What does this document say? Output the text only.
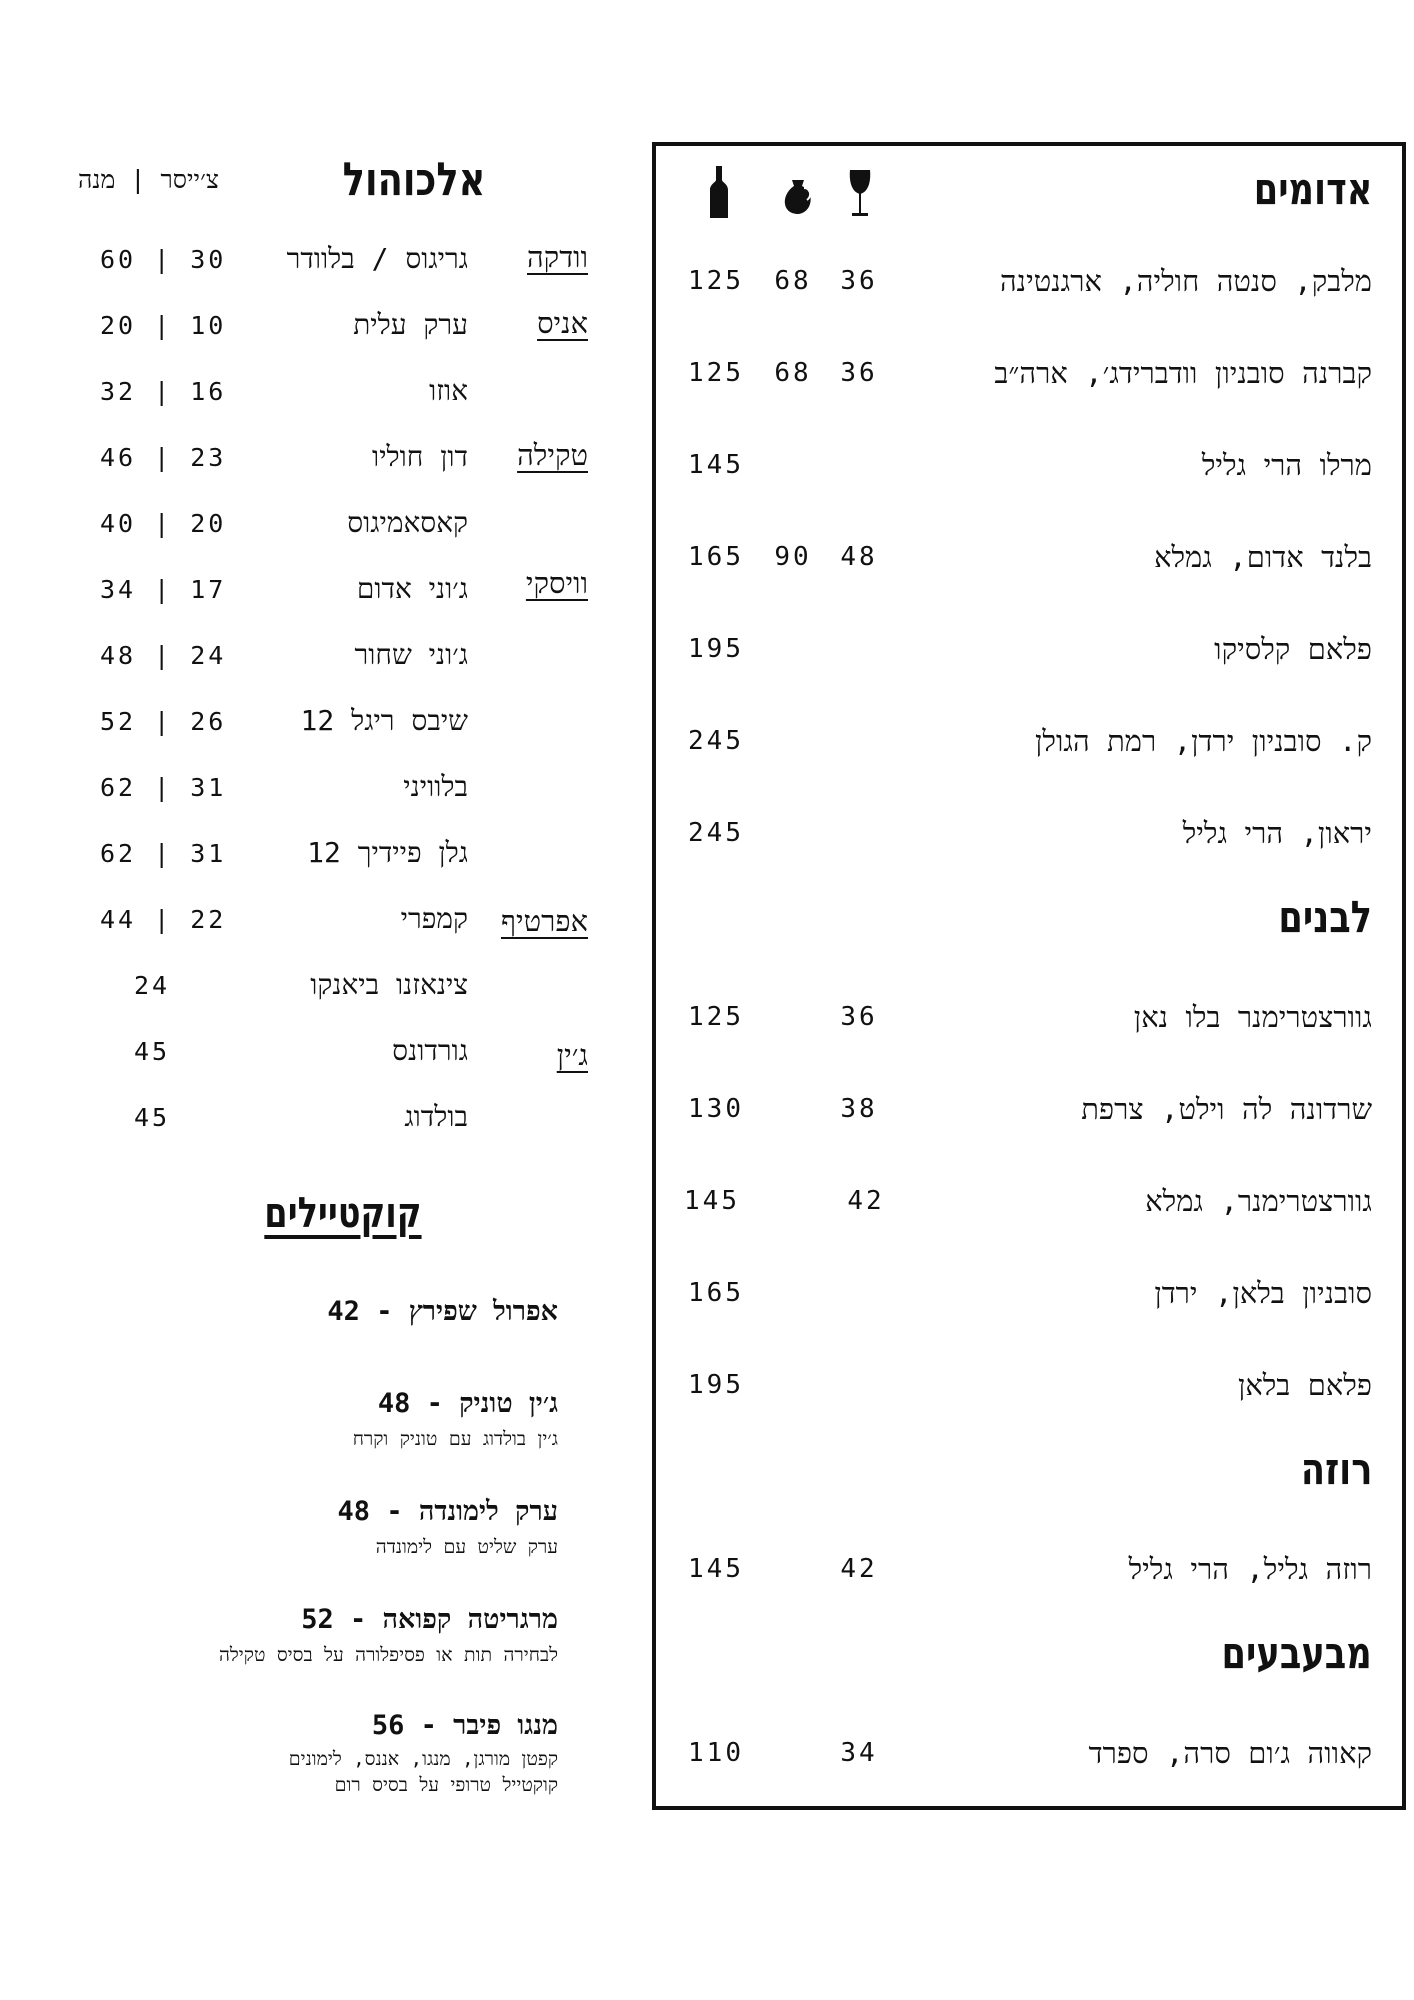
אדומים
מלבק, סנטה חוליה, ארגנטינה
36
68
125
קברנה סובניון וודברידג׳, ארה״ב
36
68
125
מרלו הרי גליל
145
בלנד אדום, גמלא
48
90
165
פלאם קלסיקו
195
ק. סובניון ירדן, רמת הגולן
245
יראון, הרי גליל
245
לבנים
גוורצטרימנר בלו נאן
36
125
שרדונה לה וילט, צרפת
38
130
גוורצטרימנר, גמלא
42
145
סובניון בלאן, ירדן
165
פלאם בלאן
195
רוזה
רוזה גליל, הרי גליל
42
145
מבעבעים
קאווה ג׳ום סרה, ספרד
34
110
אלכוהול
צ׳ייסר | מנה
וודקה
אניס
טקילה
וויסקי
אפרטיף
ג׳ין
גריגוס / בלוודר
60 | 30
ערק עלית
20 | 10
אוזו
32 | 16
דון חוליו
46 | 23
קאסאמיגוס
40 | 20
ג׳וני אדום
34 | 17
ג׳וני שחור
48 | 24
שיבס ריגל 12
52 | 26
בלוויני
62 | 31
גלן פיידיך 12
62 | 31
קמפרי
44 | 22
צינאזנו ביאנקו
24
גורדונס
45
בולדוג
45
קוקטיילים
אפרול שפירץ - 42
ג׳ין טוניק - 48
ג׳ין בולדוג עם טוניק וקרח
ערק לימונדה - 48
ערק שליט עם לימונדה
מרגריטה קפואה - 52
לבחירה תות או פסיפלורה על בסיס טקילה
מנגו פיבר - 56
קפטן מורגן, מנגו, אננס, לימונים
קוקטייל טרופי על בסיס רום
